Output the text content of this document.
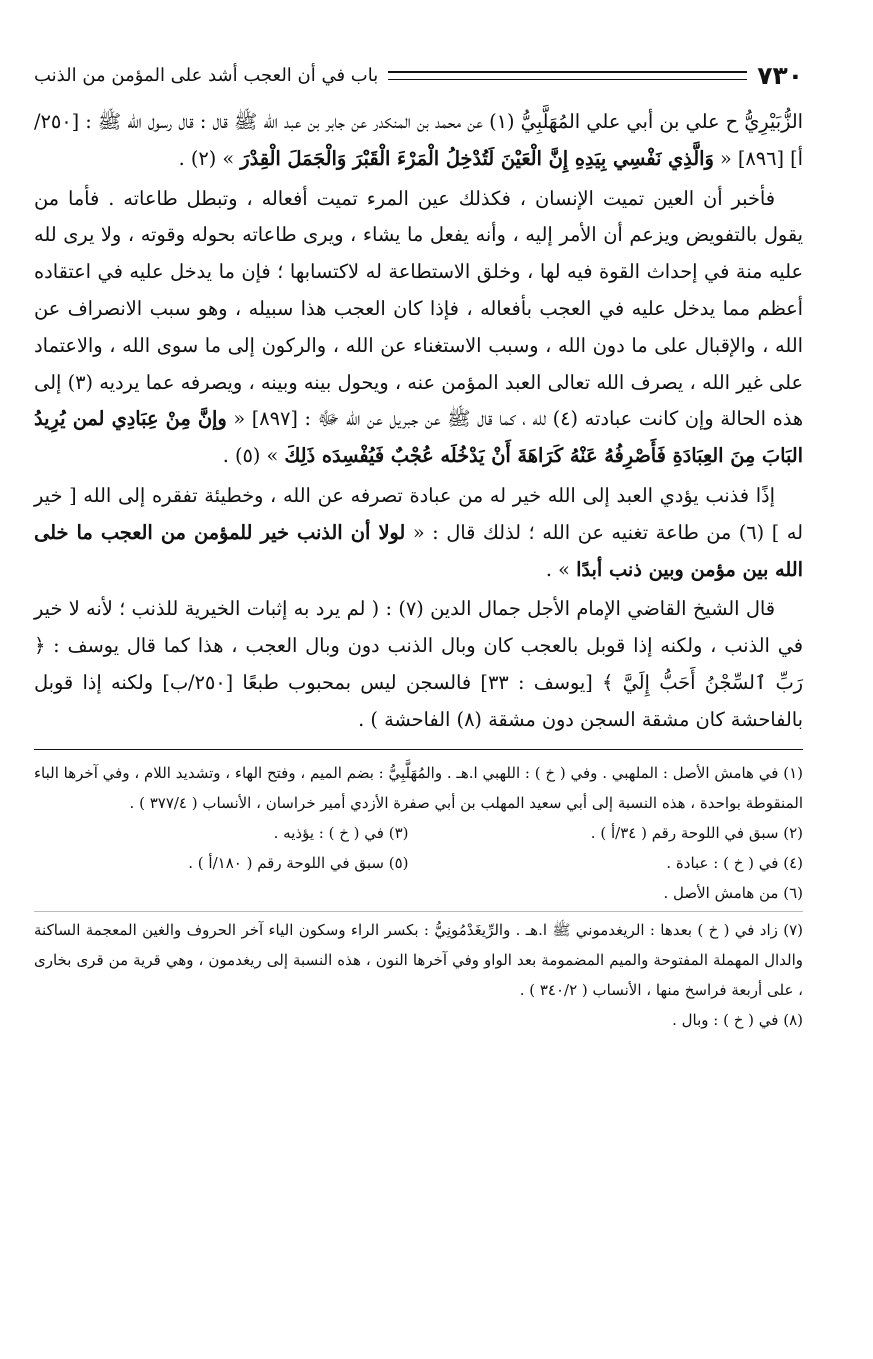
٧٣٠
باب في أن العجب أشد على المؤمن من الذنب

الزُّبَيْرِيُّ ح علي بن أبي علي المُهَلَّبِيُّ (١) عن محمد بن المنكدر عن جابر بن عبد الله ﷺ قال : قال رسول الله ﷺ : [٢٥٠/أ] [٨٩٦] « وَالَّذِي نَفْسِي بِيَدِهِ إِنَّ الْعَيْنَ لَتُدْخِلُ الْمَرْءَ الْقَبْرَ وَالْجَمَلَ الْقِدْرَ » (٢) .

فأخبر أن العين تميت الإنسان ، فكذلك عين المرء تميت أفعاله ، وتبطل طاعاته . فأما من يقول بالتفويض ويزعم أن الأمر إليه ، وأنه يفعل ما يشاء ، ويرى طاعاته بحوله وقوته ، ولا يرى لله عليه منة في إحداث القوة فيه لها ، وخلق الاستطاعة له لاكتسابها ؛ فإن ما يدخل عليه في اعتقاده أعظم مما يدخل عليه في العجب بأفعاله ، فإذا كان العجب هذا سبيله ، وهو سبب الانصراف عن الله ، والإقبال على ما دون الله ، وسبب الاستغناء عن الله ، والركون إلى ما سوى الله ، والاعتماد على غير الله ، يصرف الله تعالى العبد المؤمن عنه ، ويحول بينه وبينه ، ويصرفه عما يرديه (٣) إلى هذه الحالة وإن كانت عبادته (٤) لله ، كما قال ﷺ عن جبريل عن الله ﷻ : [٨٩٧] « وإنَّ مِنْ عِبَادِي لمن يُرِيدُ البَابَ مِنَ العِبَادَةِ فَأَصْرِفُهُ عَنْهُ كَرَاهَةَ أَنْ يَدْخُلَه عُجْبٌ فَيُفْسِدَه ذَلِكَ » (٥) .

إذًا فذنب يؤدي العبد إلى الله خير له من عبادة تصرفه عن الله ، وخطيئة تفقره إلى الله [ خير له ] (٦) من طاعة تغنيه عن الله ؛ لذلك قال : « لولا أن الذنب خير للمؤمن من العجب ما خلى الله بين مؤمن وبين ذنب أبدًا » .

قال الشيخ القاضي الإمام الأجل جمال الدين (٧) : ( لم يرد به إثبات الخيرية للذنب ؛ لأنه لا خير في الذنب ، ولكنه إذا قوبل بالعجب كان وبال الذنب دون وبال العجب ، هذا كما قال يوسف : ﴿ رَبِّ ٱلسِّجْنُ أَحَبُّ إِلَيَّ ﴾ [يوسف : ٣٣] فالسجن ليس بمحبوب طبعًا [٢٥٠/ب] ولكنه إذا قوبل بالفاحشة كان مشقة السجن دون مشقة (٨) الفاحشة ) .

(١) في هامش الأصل : الملهبي . وفي ( خ ) : اللهبي ا.هـ . والمُهَلَّبِيُّ : بضم الميم ، وفتح الهاء ، وتشديد اللام ، وفي آخرها الباء المنقوطة بواحدة ، هذه النسبة إلى أبي سعيد المهلب بن أبي صفرة الأزدي أمير خراسان ، الأنساب ( ٣٧٧/٤ ) .

(٢) سبق في اللوحة رقم ( ٣٤/أ ) .

(٣) في ( خ ) : يؤذيه .

(٤) في ( خ ) : عبادة .

(٥) سبق في اللوحة رقم ( ١٨٠/أ ) .

(٦) من هامش الأصل .

(٧) زاد في ( خ ) بعدها : الريغدموني ﷺ ا.هـ . والرِّيغَدْمُونِيُّ : بكسر الراء وسكون الياء آخر الحروف والغين المعجمة الساكنة والدال المهملة المفتوحة والميم المضمومة بعد الواو وفي آخرها النون ، هذه النسبة إلى ريغدمون ، وهي قرية من قرى بخارى ، على أربعة فراسخ منها ، الأنساب ( ٣٤٠/٢ ) .

(٨) في ( خ ) : وبال .
